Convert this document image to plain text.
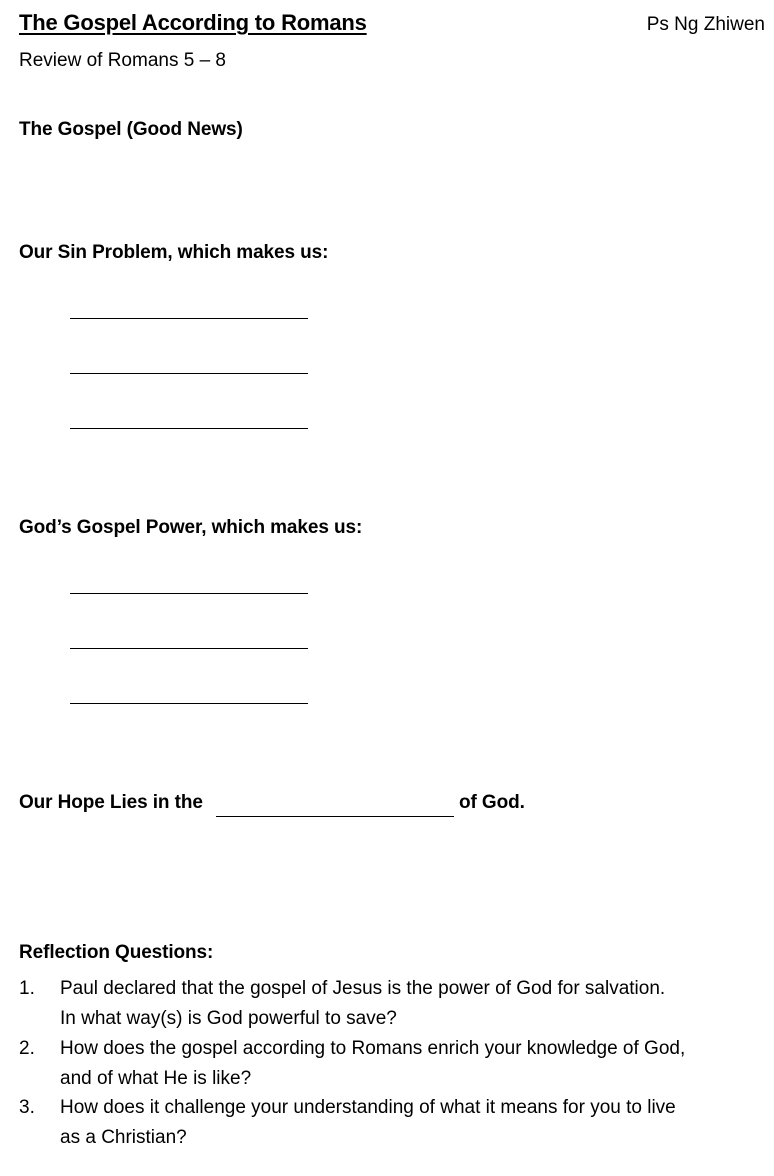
The Gospel According to Romans	Ps Ng Zhiwen
Review of Romans 5 – 8
The Gospel (Good News)
Our Sin Problem, which makes us:
God’s Gospel Power, which makes us:
Our Hope Lies in the	of God.
Reflection Questions:
1. Paul declared that the gospel of Jesus is the power of God for salvation.
In what way(s) is God powerful to save?
2. How does the gospel according to Romans enrich your knowledge of God,
and of what He is like?
3. How does it challenge your understanding of what it means for you to live
as a Christian?
